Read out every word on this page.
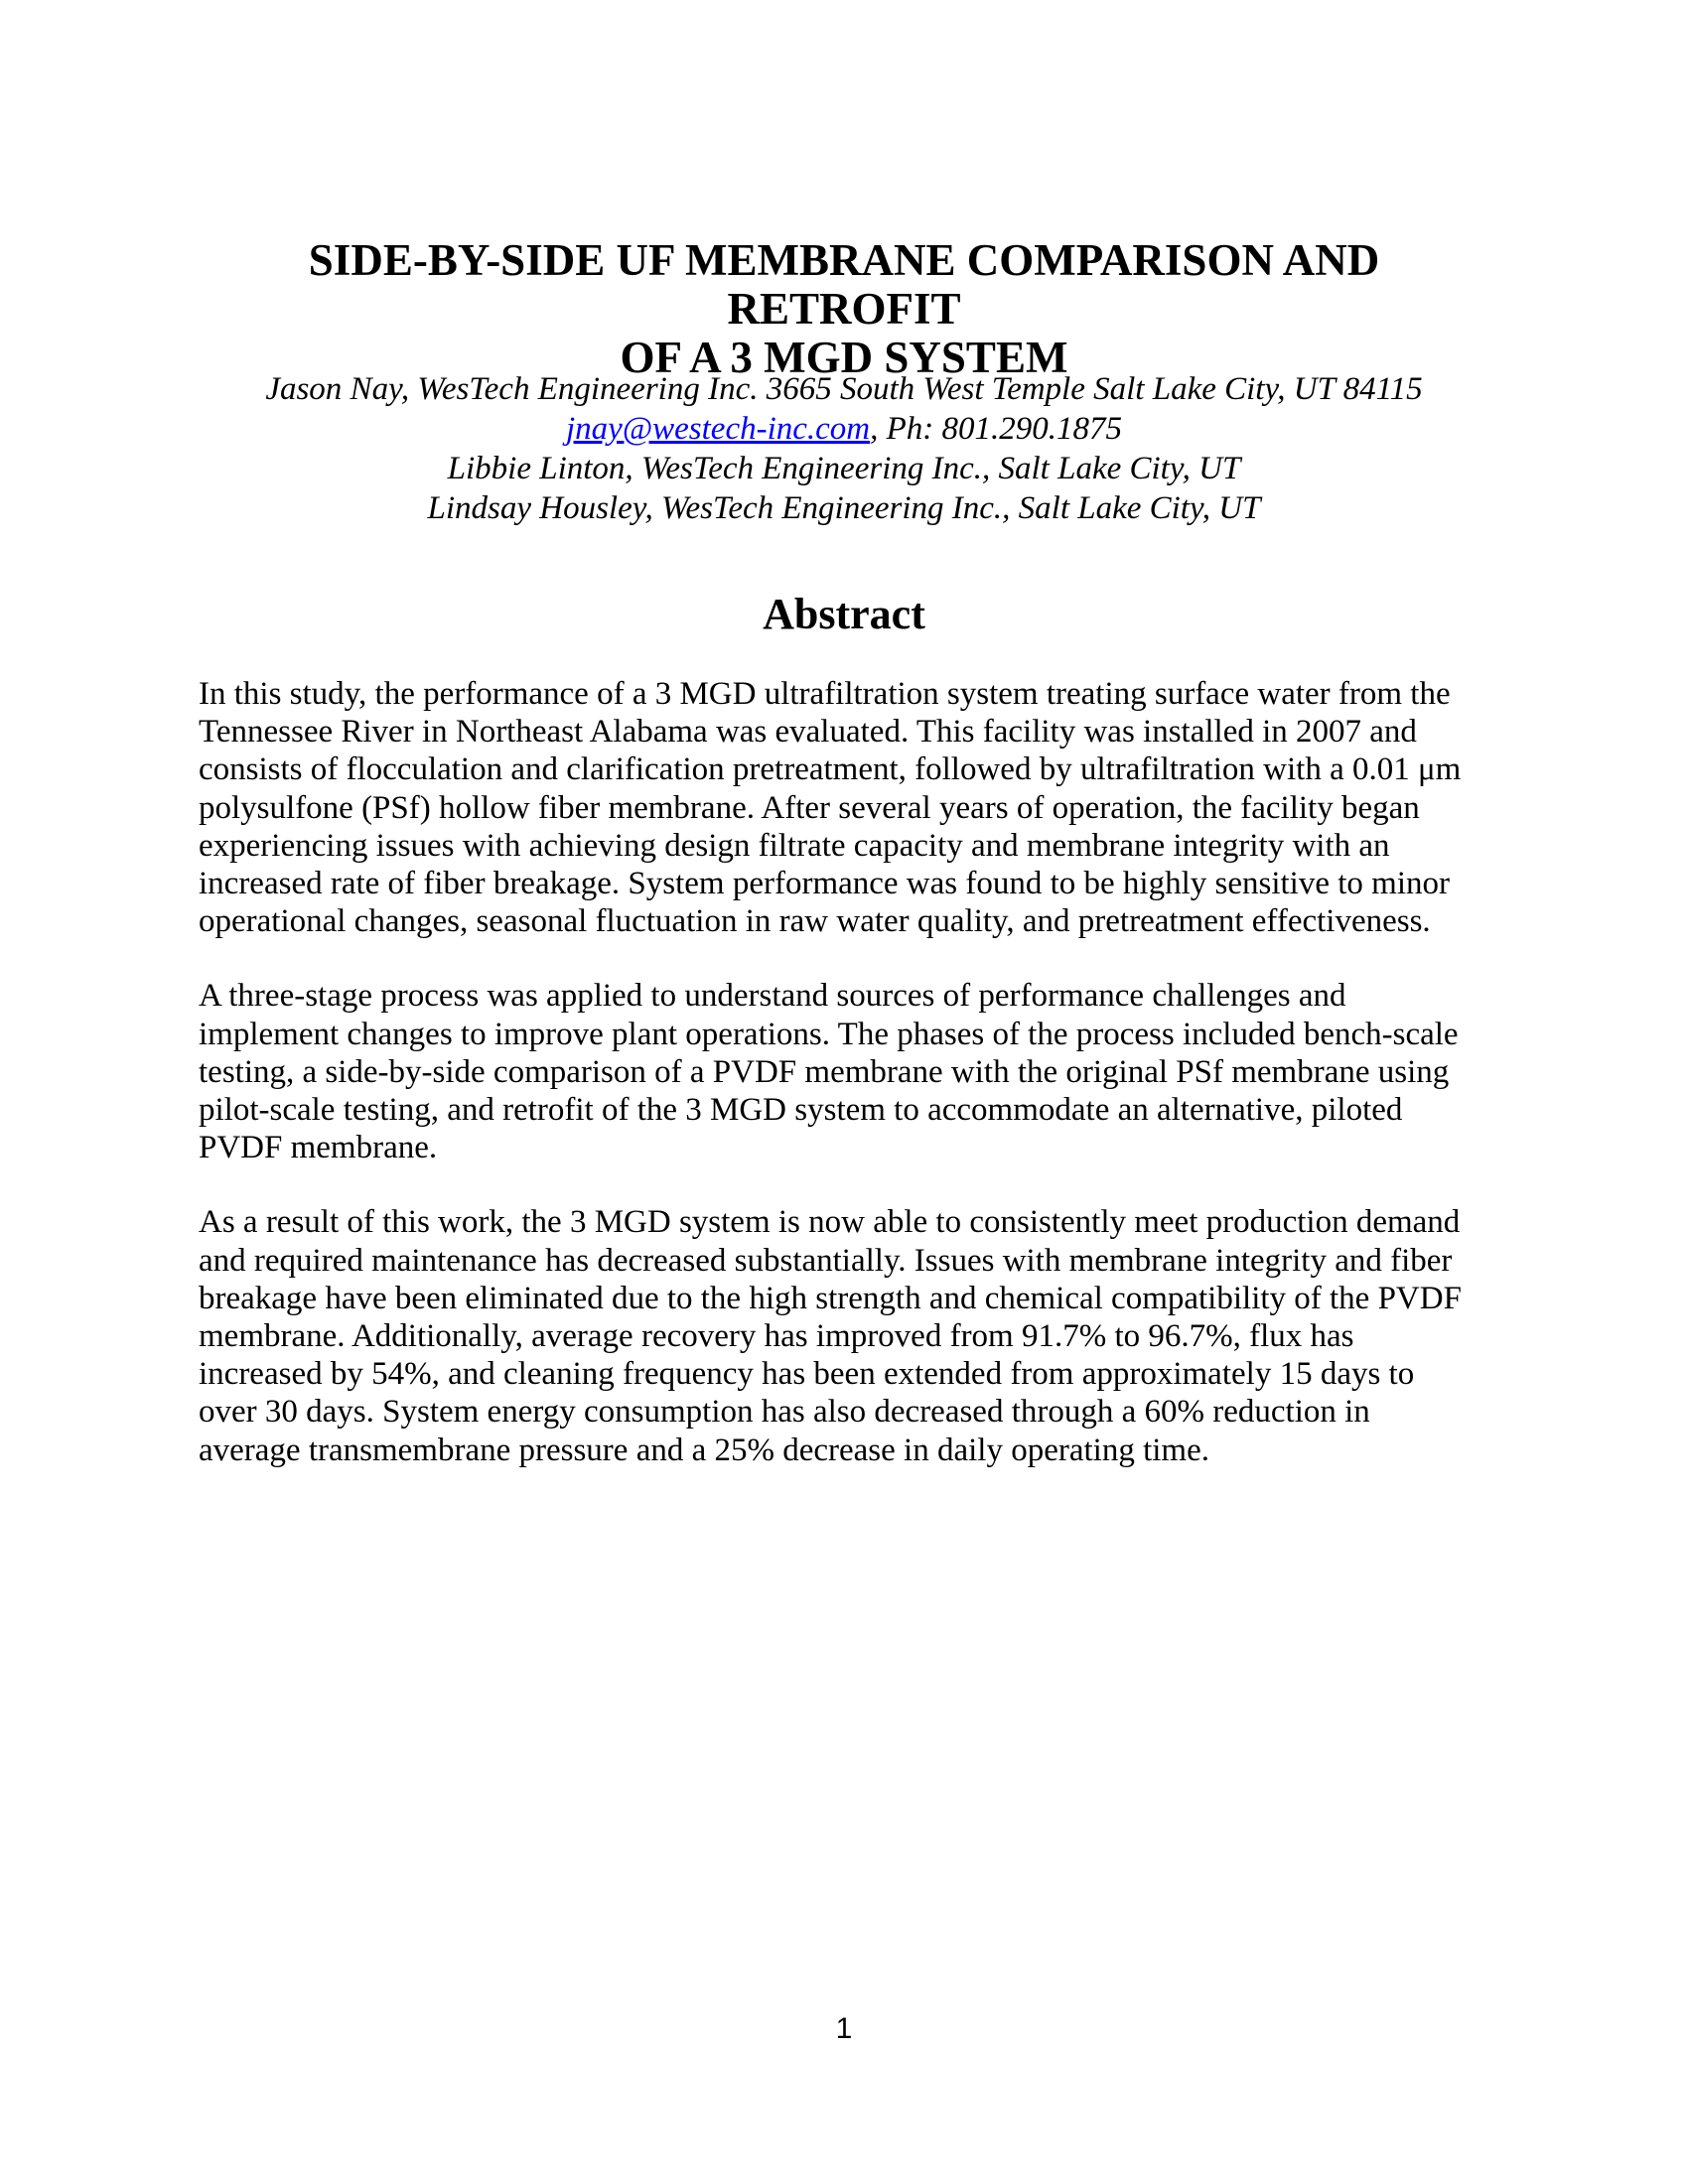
SIDE-BY-SIDE UF MEMBRANE COMPARISON AND RETROFIT
OF A 3 MGD SYSTEM
Jason Nay, WesTech Engineering Inc. 3665 South West Temple Salt Lake City, UT 84115
jnay@westech-inc.com, Ph: 801.290.1875
Libbie Linton, WesTech Engineering Inc., Salt Lake City, UT
Lindsay Housley, WesTech Engineering Inc., Salt Lake City, UT
Abstract
In this study, the performance of a 3 MGD ultrafiltration system treating surface water from the
Tennessee River in Northeast Alabama was evaluated. This facility was installed in 2007 and
consists of flocculation and clarification pretreatment, followed by ultrafiltration with a 0.01 μm
polysulfone (PSf) hollow fiber membrane. After several years of operation, the facility began
experiencing issues with achieving design filtrate capacity and membrane integrity with an
increased rate of fiber breakage. System performance was found to be highly sensitive to minor
operational changes, seasonal fluctuation in raw water quality, and pretreatment effectiveness.
A three-stage process was applied to understand sources of performance challenges and
implement changes to improve plant operations. The phases of the process included bench-scale
testing, a side-by-side comparison of a PVDF membrane with the original PSf membrane using
pilot-scale testing, and retrofit of the 3 MGD system to accommodate an alternative, piloted
PVDF membrane.
As a result of this work, the 3 MGD system is now able to consistently meet production demand
and required maintenance has decreased substantially. Issues with membrane integrity and fiber
breakage have been eliminated due to the high strength and chemical compatibility of the PVDF
membrane. Additionally, average recovery has improved from 91.7% to 96.7%, flux has
increased by 54%, and cleaning frequency has been extended from approximately 15 days to
over 30 days. System energy consumption has also decreased through a 60% reduction in
average transmembrane pressure and a 25% decrease in daily operating time.
1
